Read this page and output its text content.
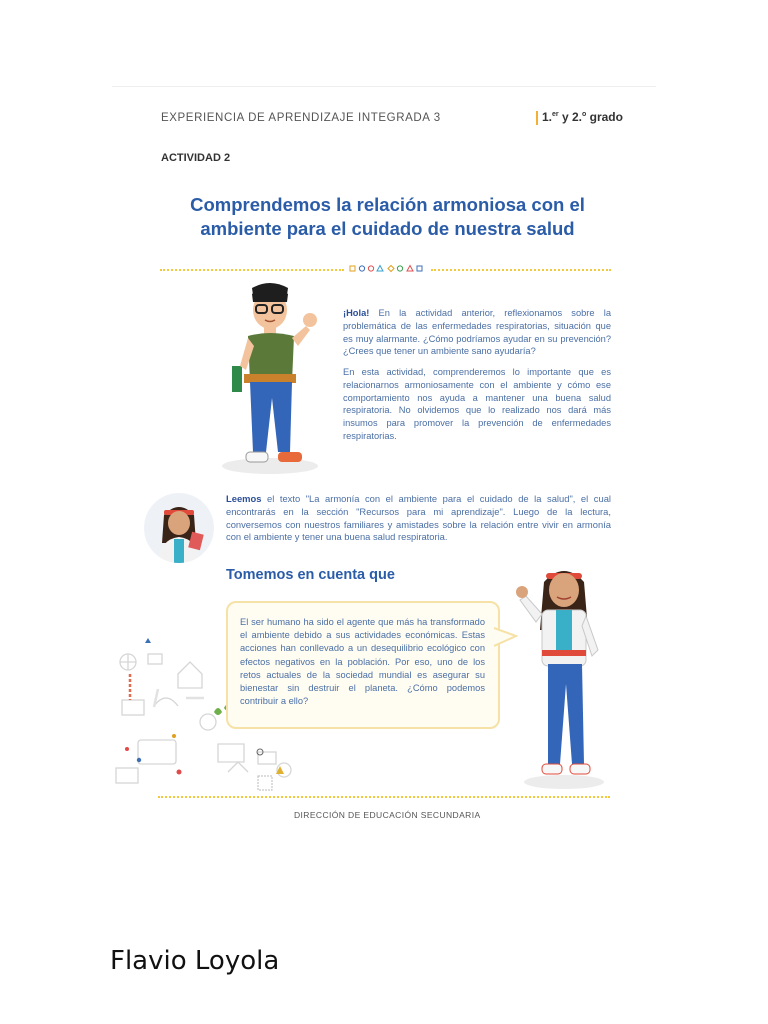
EXPERIENCIA DE APRENDIZAJE INTEGRADA 3	1.$^{er}$ y 2.$^o$ grado
ACTIVIDAD 2
Comprendemos la relación armoniosa con el
ambiente para el cuidado de nuestra salud
¡Hola! En la actividad anterior, reflexionamos sobre la problemática de las enfermedades respiratorias, situación que es muy alarmante. ¿Cómo podríamos ayudar en su prevención? ¿Crees que tener un ambiente sano ayudaría?
En esta actividad, comprenderemos lo importante que es relacionarnos armoniosamente con el ambiente y cómo ese comportamiento nos ayuda a mantener una buena salud respiratoria. No olvidemos que lo realizado nos dará más insumos para promover la prevención de enfermedades respiratorias.
Leemos el texto "La armonía con el ambiente para el cuidado de la salud", el cual encontrarás en la sección "Recursos para mi aprendizaje". Luego de la lectura, conversemos con nuestros familiares y amistades sobre la relación entre vivir en armonía con el ambiente y tener una buena salud respiratoria.
Tomemos en cuenta que
El ser humano ha sido el agente que más ha transformado el ambiente debido a sus actividades económicas. Estas acciones han conllevado a un desequilibrio ecológico con efectos negativos en la población. Por eso, uno de los retos actuales de la sociedad mundial es asegurar su bienestar sin destruir el planeta. ¿Cómo podemos contribuir a ello?
DIRECCIÓN DE EDUCACIÓN SECUNDARIA
Flavio Loyola
